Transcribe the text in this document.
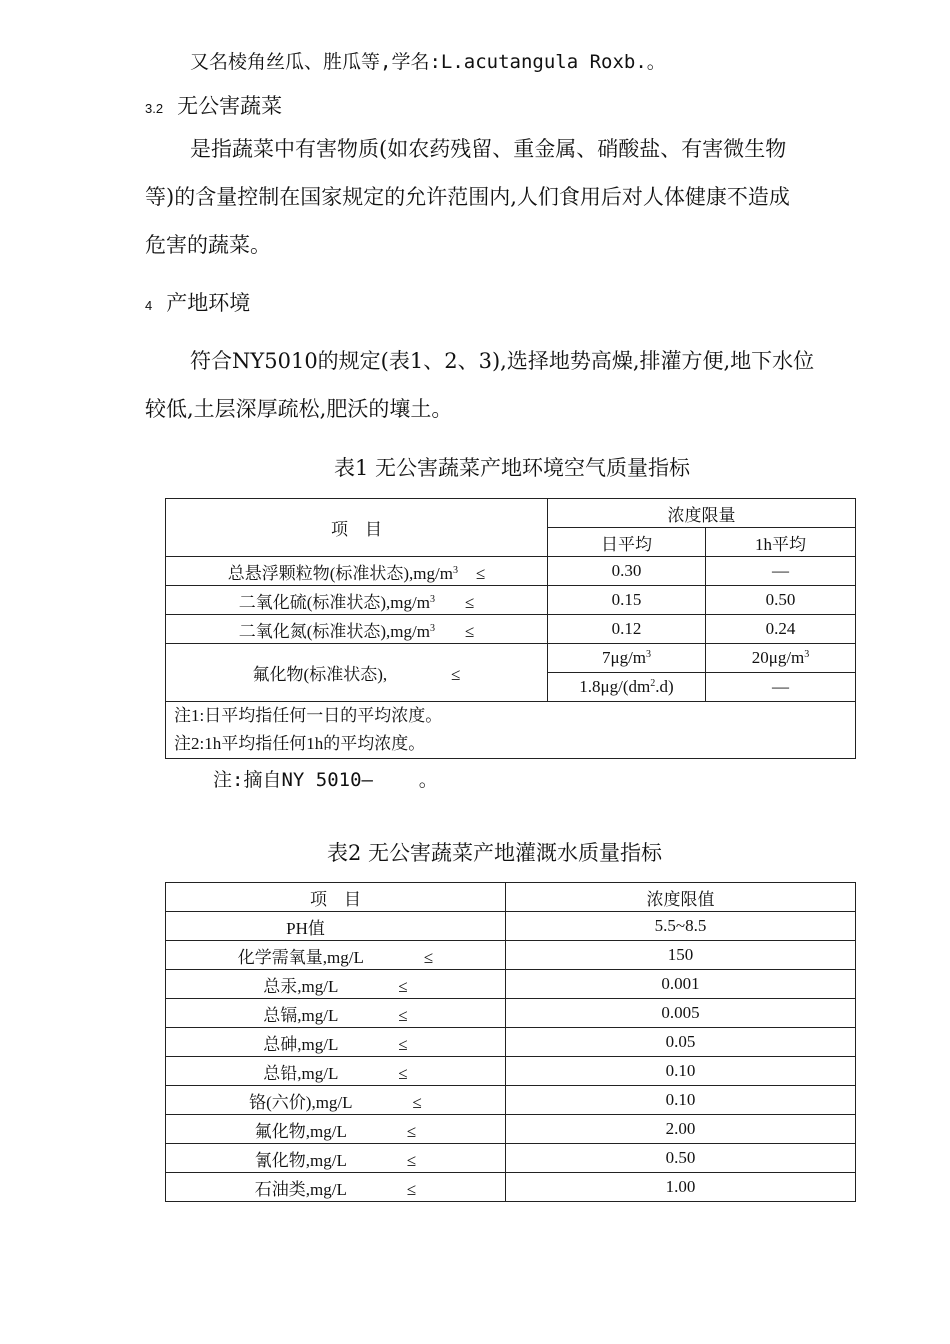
又名棱角丝瓜、胜瓜等,学名:L.acutangula Roxb.。
3.2 无公害蔬菜
是指蔬菜中有害物质(如农药残留、重金属、硝酸盐、有害微生物
等)的含量控制在国家规定的允许范围内,人们食用后对人体健康不造成
危害的蔬菜。
4 产地环境
符合NY5010的规定(表1、2、3),选择地势高燥,排灌方便,地下水位
较低,土层深厚疏松,肥沃的壤土。
表1 无公害蔬菜产地环境空气质量指标
项    目	浓度限量	
	日平均	1h平均
总悬浮颗粒物(标准状态)$,mg/m^3$ ≤	0.30	—
二氧化硫(标准状态)$,mg/m^3$ ≤	0.15	0.50
二氧化氮(标准状态)$,mg/m^3$ ≤	0.12	0.24
氟化物(标准状态), ≤	$7\mu g/m^3$	$20\mu g/m^3$
	$1.8\mu g/(dm^2.d)$	—

注1:日平均指任何一日的平均浓度。
注2:1h平均指任何1h的平均浓度。		
注:摘自NY 5010—    。
表2 无公害蔬菜产地灌溉水质量指标
项    目	浓度限值
PH值	5.5~8.5
化学需氧量,mg/L ≤	150
总汞,mg/L ≤	0.001
总镉,mg/L ≤	0.005
总砷,mg/L ≤	0.05
总铅,mg/L ≤	0.10
铬(六价),mg/L ≤	0.10
氟化物,mg/L ≤	2.00
氰化物,mg/L ≤	0.50
石油类,mg/L ≤	1.00
